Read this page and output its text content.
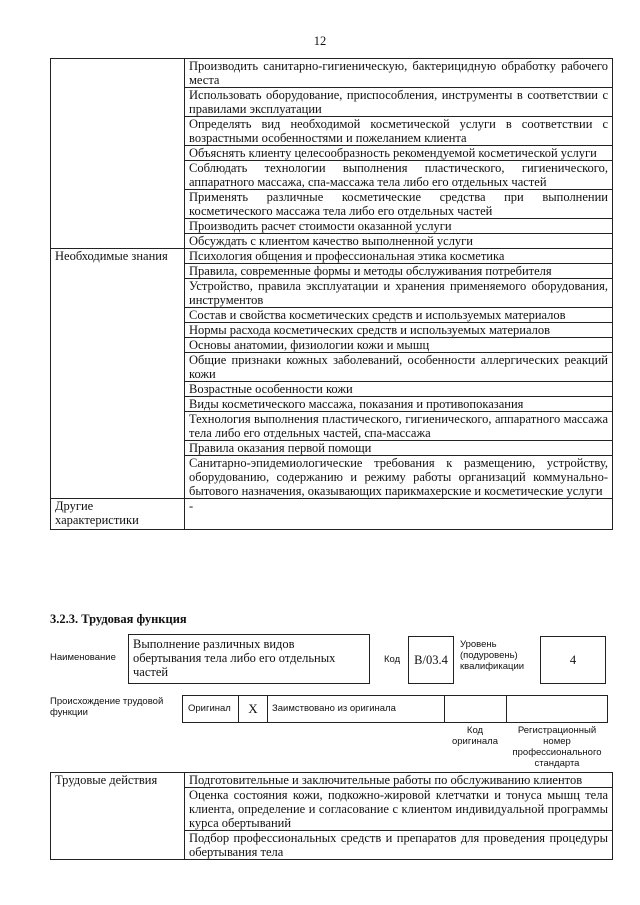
12
	Производить санитарно-гигиеническую, бактерицидную обработку рабочего места
	Использовать оборудование, приспособления, инструменты в соответствии с правилами эксплуатации
	Определять вид необходимой косметической услуги в соответствии с возрастными особенностями и пожеланием клиента
	Объяснять клиенту целесообразность рекомендуемой косметической услуги
	Соблюдать технологии выполнения пластического, гигиенического, аппаратного массажа, спа-массажа тела либо его отдельных частей
	Применять различные косметические средства при выполнении косметического массажа тела либо его отдельных частей
	Производить расчет стоимости оказанной услуги
	Обсуждать с клиентом качество выполненной услуги
Необходимые знания	Психология общения и профессиональная этика косметика
	Правила, современные формы и методы обслуживания потребителя
	Устройство, правила эксплуатации и хранения применяемого оборудования, инструментов
	Состав и свойства косметических средств и используемых материалов
	Нормы расхода косметических средств и используемых материалов
	Основы анатомии, физиологии кожи и мышц
	Общие признаки кожных заболеваний, особенности аллергических реакций кожи
	Возрастные особенности кожи
	Виды косметического массажа, показания и противопоказания
	Технология выполнения пластического, гигиенического, аппаратного массажа тела либо его отдельных частей, спа-массажа
	Правила оказания первой помощи
	Санитарно-эпидемиологические требования к размещению, устройству, оборудованию, содержанию и режиму работы организаций коммунально-бытового назначения, оказывающих парикмахерские и косметические услуги
Другие характеристики	-
3.2.3. Трудовая функция
Наименование
Выполнение различных видов обертывания тела либо его отдельных частей
Код	В/03.4
Уровень (подуровень) квалификации	4
Происхождение трудовой функции	Оригинал	X	Заимствовано из оригинала
Код оригинала
Регистрационный номер профессионального стандарта
Трудовые действия	Подготовительные и заключительные работы по обслуживанию клиентов
Оценка состояния кожи, подкожно-жировой клетчатки и тонуса мышц тела клиента, определение и согласование с клиентом индивидуальной программы курса обертываний
Подбор профессиональных средств и препаратов для проведения процедуры обертывания тела
